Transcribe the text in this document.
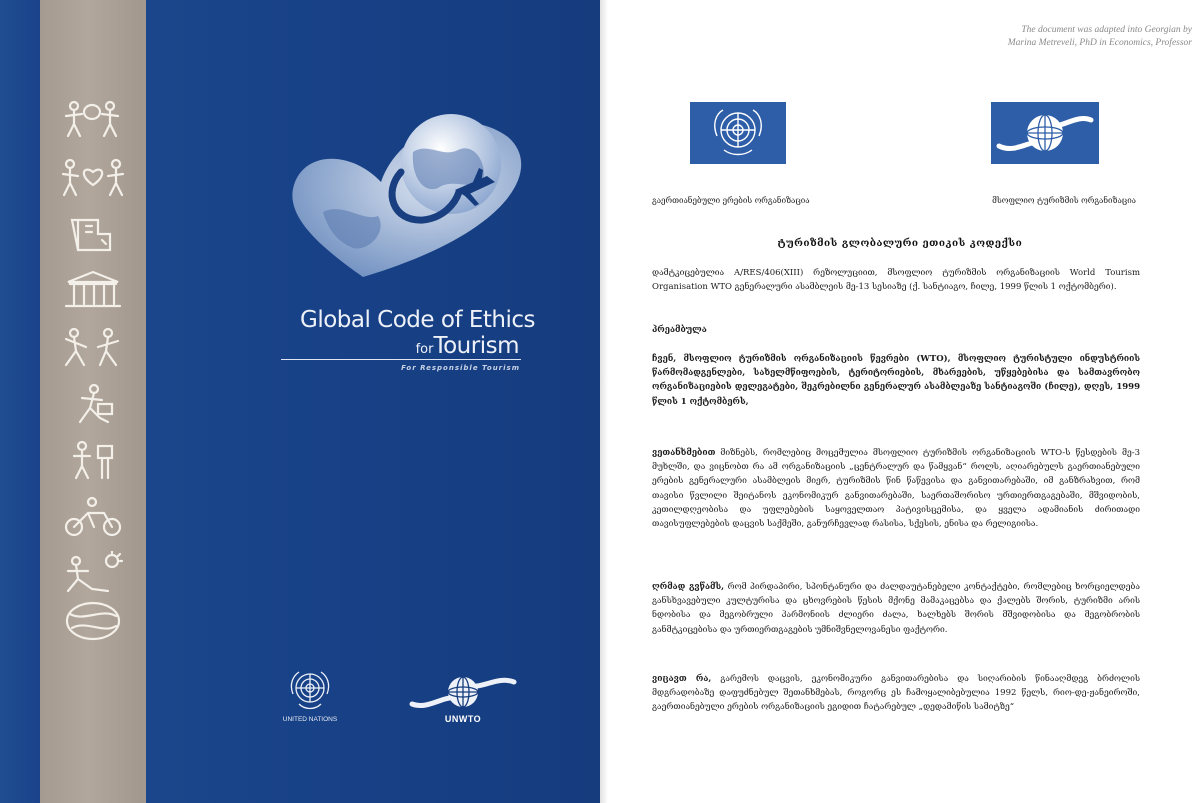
Global Code of Ethics
forTourism
For Responsible Tourism
UNITED NATIONS	UNWTO
The document was adapted into Georgian by
Marina Metreveli, PhD in Economics, Professor
გაერთიანებული ერების ორგანიზაცია	მსოფლიო ტურიზმის ორგანიზაცია
ტურიზმის გლობალური ეთიკის კოდექსი
დამტკიცებულია A/RES/406(XIII) რეზოლუციით, მსოფლიო ტურიზმის ორგანიზაციის World Tourism Organisation WTO გენერალური ასამბლეის მე-13 სესიაზე (ქ. სანტიაგო, ჩილე, 1999 წლის 1 ოქტომბერი).
პრეამბულა
ჩვენ, მსოფლიო ტურიზმის ორგანიზაციის წევრები (WTO), მსოფლიო ტურისტული ინდუსტრიის წარმომადგენლები, სახელმწიფოების, ტერიტორიების, მხარეების, უწყებებისა და სამთავრობო ორგანიზაციების დელეგატები, შეკრებილნი გენერალურ ასამბლეაზე სანტიაგოში (ჩილე), დღეს, 1999 წლის 1 ოქტომბერს,
ვეთანხმებით მიზნებს, რომლებიც მოცემულია მსოფლიო ტურიზმის ორგანიზაციის WTO-ს წესდების მე-3 მუხლში, და ვიცნობთ რა ამ ორგანიზაციის „ცენტრალურ და წამყვან“ როლს, აღიარებულს გაერთიანებული ერების გენერალური ასამბლეის მიერ, ტურიზმის წინ წაწევისა და განვითარებაში, იმ განზრახვით, რომ თავისი წვლილი შეიტანოს ეკონომიკურ განვითარებაში, საერთაშორისო ურთიერთგაგებაში, მშვიდობის, კეთილდღეობისა და უფლებების საყოველთაო პატივისცემისა, და ყველა ადამიანის ძირითადი თავისუფლებების დაცვის საქმეში, განურჩევლად რასისა, სქესის, ენისა და რელიგიისა.
ღრმად გვწამს, რომ პირდაპირი, სპონტანური და ძალდაუტანებელი კონტაქტები, რომლებიც ხორციელდება განსხვავებული კულტურისა და ცხოვრების წესის მქონე მამაკაცებსა და ქალებს შორის, ტურიზმი არის ნდობისა და მეგობრული ჰარმონიის ძლიერი ძალა, ხალხებს შორის მშვიდობისა და მეგობრობის განმტკიცებისა და ურთიერთგაგების უმნიშვნელოვანესი ფაქტორი.
ვიცავთ რა, გარემოს დაცვის, ეკონომიკური განვითარებისა და სიღარიბის წინააღმდეგ ბრძოლის მდგრადობაზე დაფუძნებულ შეთანხმებას, როგორც ეს ჩამოყალიბებულია 1992 წელს, რიო-დე-ჟანეიროში, გაერთიანებული ერების ორგანიზაციის ეგიდით ჩატარებულ „დედამიწის სამიტზე“
